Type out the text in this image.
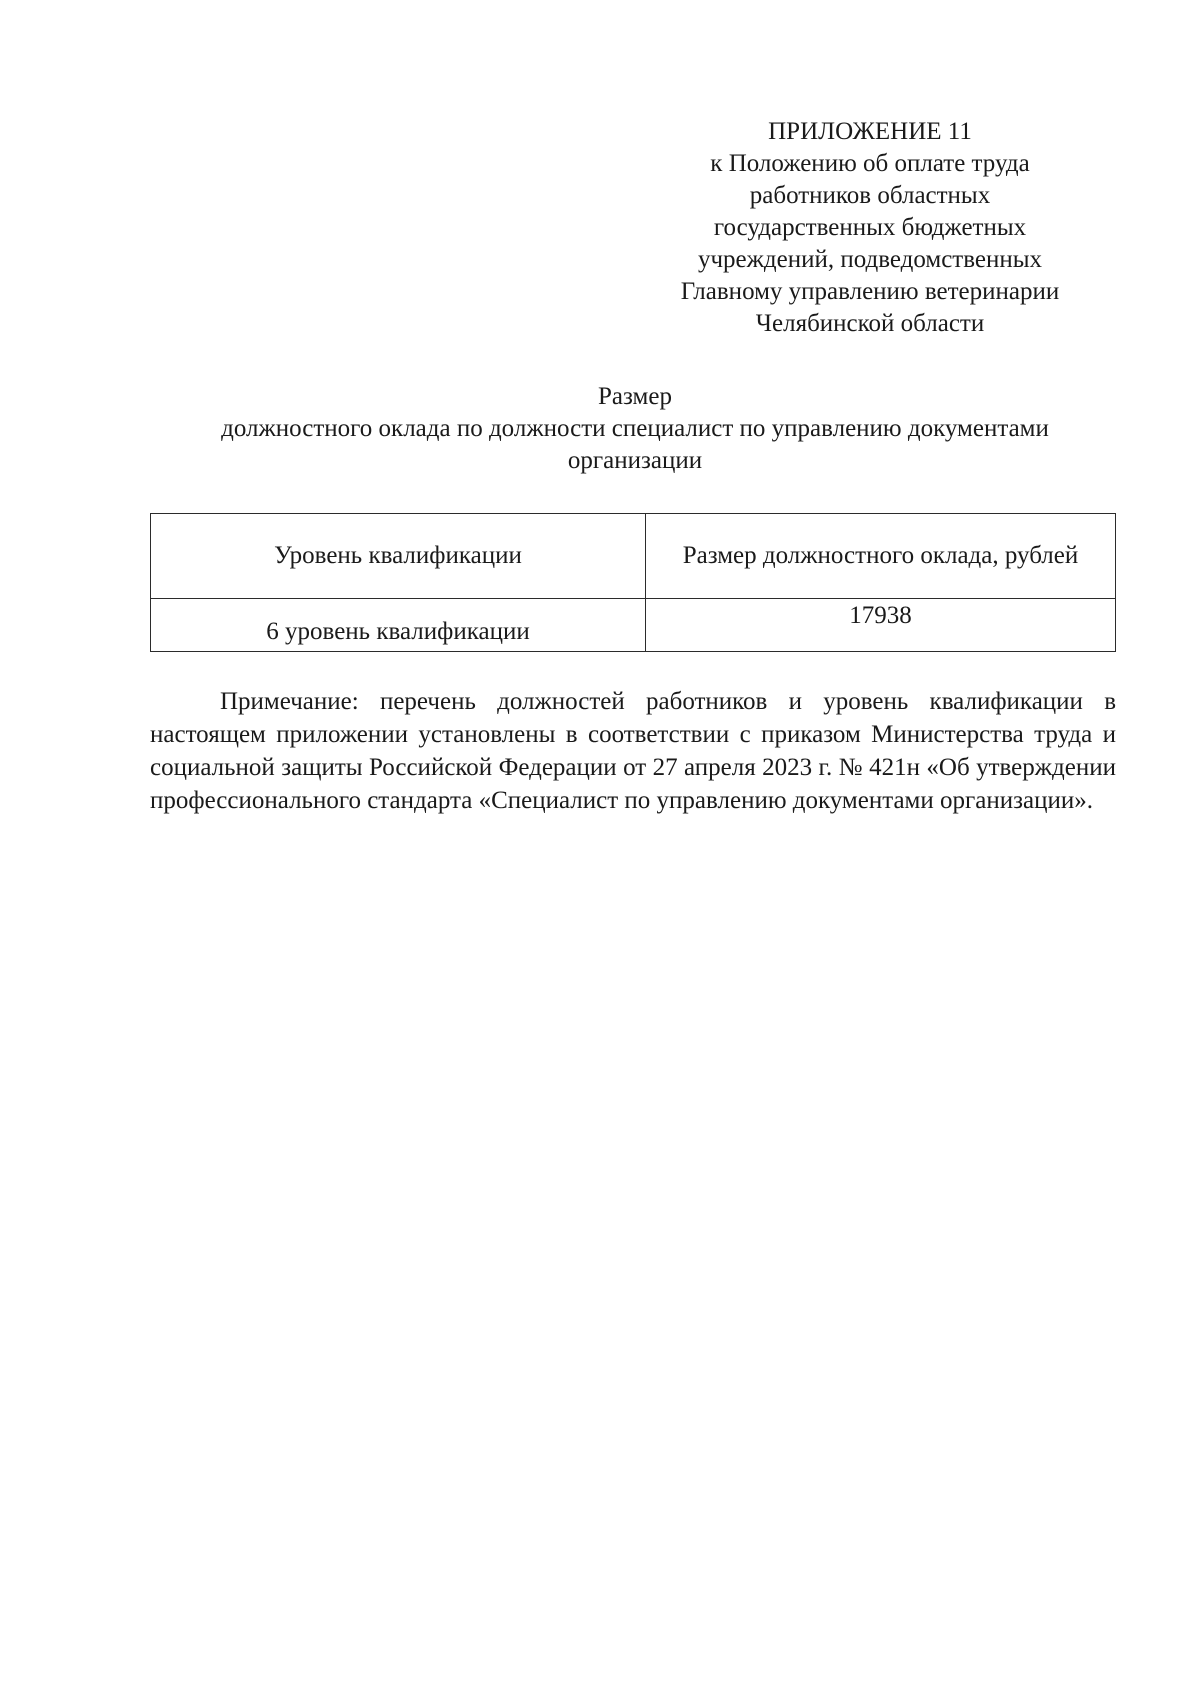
ПРИЛОЖЕНИЕ 11
к Положению об оплате труда
работников областных
государственных бюджетных
учреждений, подведомственных
Главному управлению ветеринарии
Челябинской области
Размер
должностного оклада по должности специалист по управлению документами
организации
Уровень квалификации	Размер должностного оклада, рублей
6 уровень квалификации	17938
Примечание: перечень должностей работников и уровень квалификации в настоящем приложении установлены в соответствии с приказом Министерства труда и социальной защиты Российской Федерации от 27 апреля 2023 г. № 421н «Об утверждении профессионального стандарта «Специалист по управлению документами организации».
